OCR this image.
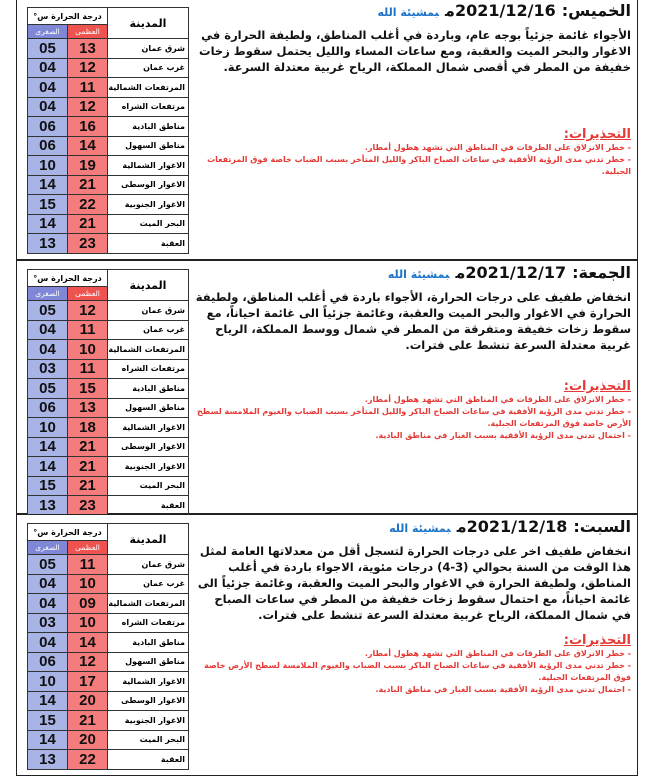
الخميس:2021/12/16مبمشيئة الله
الأجواء غائمة جزئياً بوجه عام، وباردة في أغلب المناطق، ولطيفة الحرارة في الاغوار والبحر الميت والعقبة، ومع ساعات المساء والليل يحتمل سقوط زخات خفيفة من المطر في أقصى شمال المملكة، الرياح غربية معتدلة السرعة.
التحذيرات:
- خطر الانزلاق على الطرقات في المناطق التي تشهد هطول أمطار.
- خطر تدني مدى الرؤية الأفقية في ساعات الصباح الباكر والليل المتأخر بسبب الضباب خاصة فوق المرتفعات الجبلية.
المدينة	درجة الحرارة س°	
	العظمى	الصغرى
شرق عمان	13	05
غرب عمان	12	04
المرتفعات الشمالية	11	04
مرتفعات الشراه	12	04
مناطق البادية	16	06
مناطق السهول	14	06
الاغوار الشمالية	19	10
الاغوار الوسطى	21	14
الاغوار الجنوبية	22	15
البحر الميت	21	14
العقبة	23	13
الجمعة:2021/12/17مبمشيئة الله
انخفاض طفيف على درجات الحرارة، الأجواء باردة في أغلب المناطق، ولطيفة الحرارة في الاغوار والبحر الميت والعقبة، وغائمة جزئياً الى غائمة احياناً، مع سقوط زخات خفيفة ومتفرقة من المطر في شمال ووسط المملكة، الرياح غربية معتدلة السرعة تنشط على فترات.
التحذيرات:
- خطر الانزلاق على الطرقات في المناطق التي تشهد هطول أمطار.
- خطر تدني مدى الرؤية الأفقية في ساعات الصباح الباكر والليل المتأخر بسبب الضباب والغيوم الملامسة لسطح الأرض خاصة فوق المرتفعات الجبلية.
- احتمال تدني مدى الرؤية الأفقية بسبب الغبار في مناطق البادية.
المدينة	درجة الحرارة س°	
	العظمى	الصغرى
شرق عمان	12	05
غرب عمان	11	04
المرتفعات الشمالية	10	04
مرتفعات الشراه	11	03
مناطق البادية	15	05
مناطق السهول	13	06
الاغوار الشمالية	18	10
الاغوار الوسطى	21	14
الاغوار الجنوبية	21	14
البحر الميت	21	15
العقبة	23	13
السبت:2021/12/18مبمشيئة الله
انخفاض طفيف اخر على درجات الحرارة لتسجل أقل من معدلاتها العامة لمثل هذا الوقت من السنة بحوالي (3-4) درجات مئوية، الاجواء باردة في أغلب المناطق، ولطيفة الحرارة في الاغوار والبحر الميت والعقبة، وغائمة جزئياً الى غائمة احياناً، مع احتمال سقوط زخات خفيفة من المطر في ساعات الصباح في شمال المملكة، الرياح غربية معتدلة السرعة تنشط على فترات.
التحذيرات:
- خطر الانزلاق على الطرقات في المناطق التي تشهد هطول أمطار.
- خطر تدني مدى الرؤية الأفقية في ساعات الصباح الباكر بسبب الضباب والغيوم الملامسة لسطح الأرض خاصة فوق المرتفعات الجبلية.
- احتمال تدني مدى الرؤية الأفقية بسبب الغبار في مناطق البادية.
المدينة	درجة الحرارة س°	
	العظمى	الصغرى
شرق عمان	11	05
غرب عمان	10	04
المرتفعات الشمالية	09	04
مرتفعات الشراه	10	03
مناطق البادية	14	04
مناطق السهول	12	06
الاغوار الشمالية	17	10
الاغوار الوسطى	20	14
الاغوار الجنوبية	21	15
البحر الميت	20	14
العقبة	22	13
